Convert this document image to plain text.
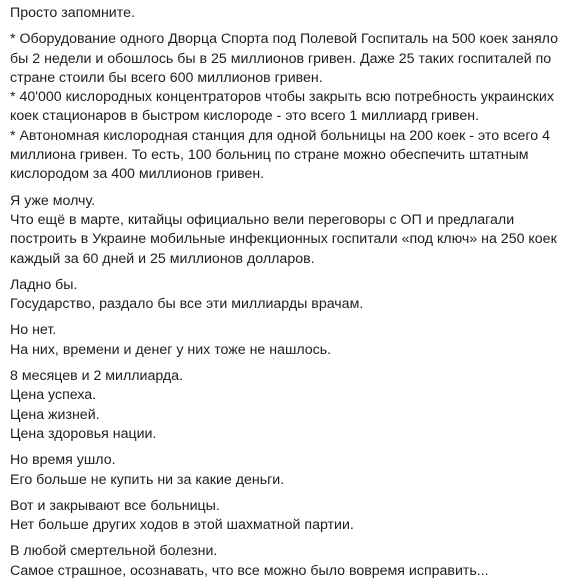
Просто запомните.
* Оборудование одного Дворца Спорта под Полевой Госпиталь на 500 коек заняло
бы 2 недели и обошлось бы в 25 миллионов гривен. Даже 25 таких госпиталей по
стране стоили бы всего 600 миллионов гривен.
* 40'000 кислородных концентраторов чтобы закрыть всю потребность украинских
коек стационаров в быстром кислороде - это всего 1 миллиард гривен.
* Автономная кислородная станция для одной больницы на 200 коек - это всего 4
миллиона гривен. То есть, 100 больниц по стране можно обеспечить штатным
кислородом за 400 миллионов гривен.
Я уже молчу.
Что ещё в марте, китайцы официально вели переговоры с ОП и предлагали
построить в Украине мобильные инфекционных госпитали «под ключ» на 250 коек
каждый за 60 дней и 25 миллионов долларов.
Ладно бы.
Государство, раздало бы все эти миллиарды врачам.
Но нет.
На них, времени и денег у них тоже не нашлось.
8 месяцев и 2 миллиарда.
Цена успеха.
Цена жизней.
Цена здоровья нации.
Но время ушло.
Его больше не купить ни за какие деньги.
Вот и закрывают все больницы.
Нет больше других ходов в этой шахматной партии.
В любой смертельной болезни.
Самое страшное, осознавать, что все можно было вовремя исправить...
